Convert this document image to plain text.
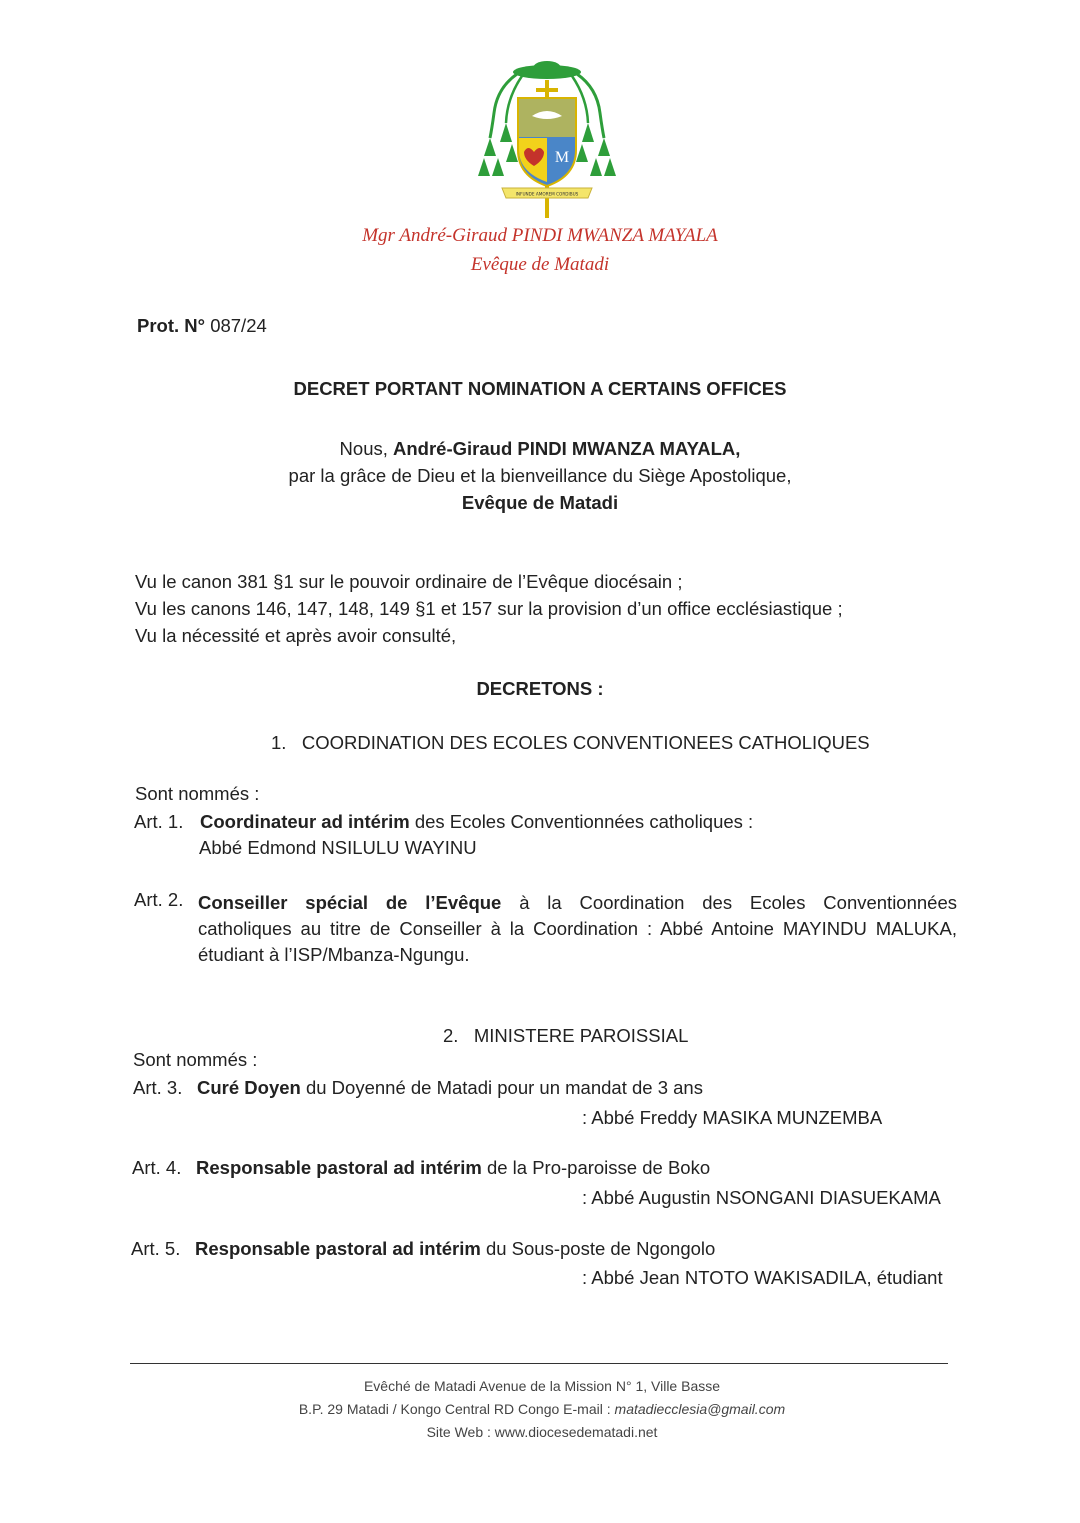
M
INFUNDE AMOREM CORDIBUS
Mgr André-Giraud PINDI MWANZA MAYALA
Evêque de Matadi
Prot. N° 087/24
DECRET PORTANT NOMINATION A CERTAINS OFFICES
Nous, André-Giraud PINDI MWANZA MAYALA,
par la grâce de Dieu et la bienveillance du Siège Apostolique,
Evêque de Matadi
Vu le canon 381 §1 sur le pouvoir ordinaire de l’Evêque diocésain ;
Vu les canons 146, 147, 148, 149 §1 et 157 sur la provision d’un office ecclésiastique ;
Vu la nécessité et après avoir consulté,
DECRETONS :
1. COORDINATION DES ECOLES CONVENTIONEES CATHOLIQUES
Sont nommés :
Art. 1. Coordinateur ad intérim des Ecoles Conventionnées catholiques :
Abbé Edmond NSILULU WAYINU
Art. 2. Conseiller spécial de l’Evêque à la Coordination des Ecoles Conventionnées
catholiques au titre de Conseiller à la Coordination : Abbé Antoine MAYINDU MALUKA,
étudiant à l’ISP/Mbanza-Ngungu.
2. MINISTERE PAROISSIAL
Sont nommés :
Art. 3. Curé Doyen du Doyenné de Matadi pour un mandat de 3 ans
: Abbé Freddy MASIKA MUNZEMBA
Art. 4. Responsable pastoral ad intérim de la Pro-paroisse de Boko
: Abbé Augustin NSONGANI DIASUEKAMA
Art. 5. Responsable pastoral ad intérim du Sous-poste de Ngongolo
: Abbé Jean NTOTO WAKISADILA, étudiant
Evêché de Matadi Avenue de la Mission N° 1, Ville Basse
B.P. 29 Matadi / Kongo Central RD Congo E-mail : matadiecclesia@gmail.com
Site Web : www.diocesedematadi.net
